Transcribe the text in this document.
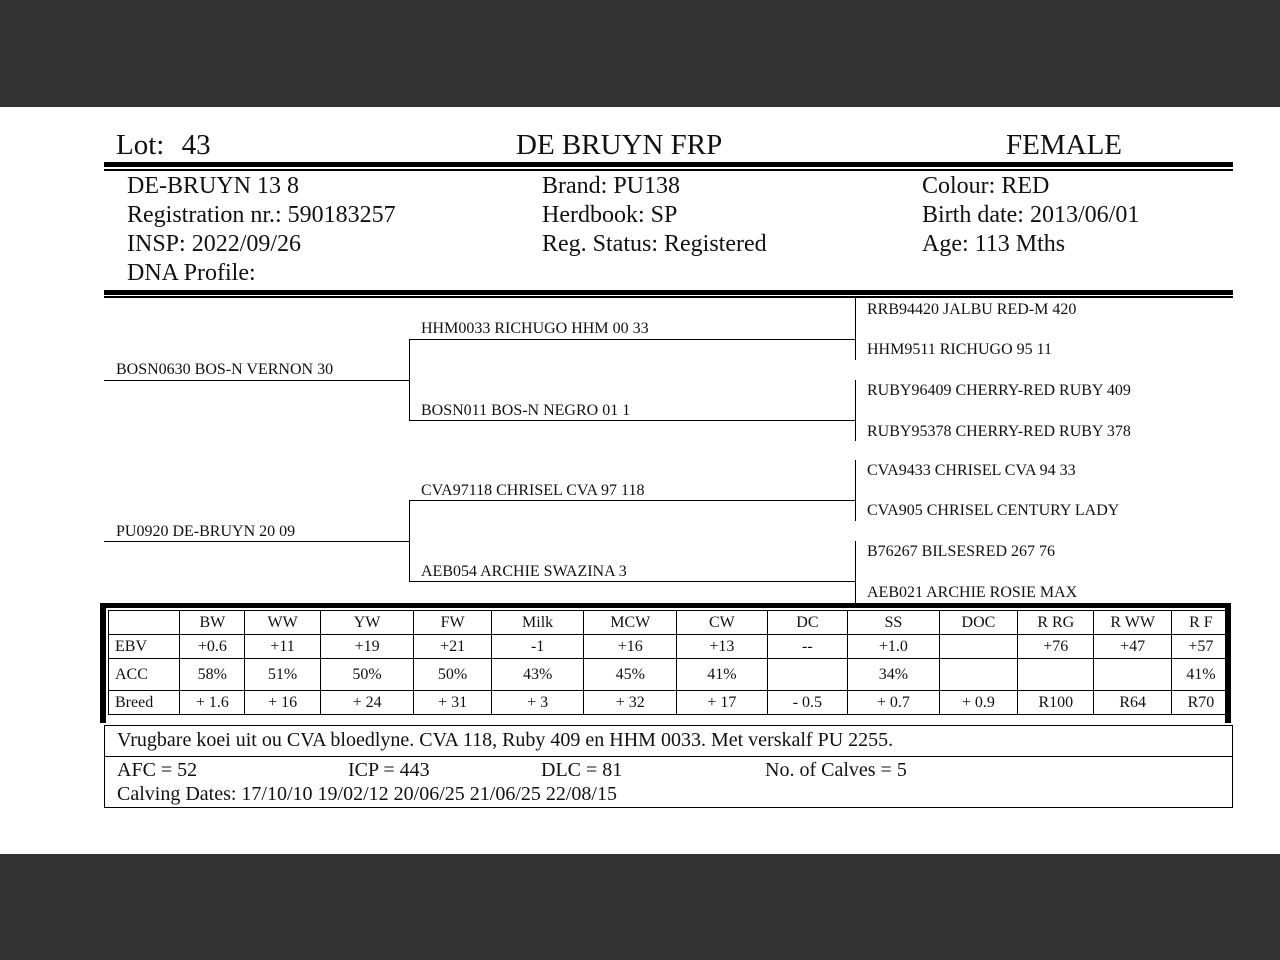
Lot: 43	DE BRUYN FRP	FEMALE
DE-BRUYN 13 8
Registration nr.: 590183257
INSP: 2022/09/26
DNA Profile:
Brand: PU138
Herdbook: SP
Reg. Status: Registered
Colour: RED
Birth date: 2013/06/01
Age: 113 Mths
BOSN0630 BOS-N VERNON 30
PU0920 DE-BRUYN 20 09
HHM0033 RICHUGO HHM 00 33
BOSN011 BOS-N NEGRO 01 1
CVA97118 CHRISEL CVA 97 118
AEB054 ARCHIE SWAZINA 3
RRB94420 JALBU RED-M 420
HHM9511 RICHUGO 95 11
RUBY96409 CHERRY-RED RUBY 409
RUBY95378 CHERRY-RED RUBY 378
CVA9433 CHRISEL CVA 94 33
CVA905 CHRISEL CENTURY LADY
B76267 BILSESRED 267 76
AEB021 ARCHIE ROSIE MAX
	BW	WW	YW	FW	Milk	MCW	CW	DC	SS	DOC	R RG	R WW	R F
EBV	+0.6	+11	+19	+21	-1	+16	+13	--	+1.0		+76	+47	+57
ACC	58%	51%	50%	50%	43%	45%	41%		34%				41%
Breed	+ 1.6	+ 16	+ 24	+ 31	+ 3	+ 32	+ 17	- 0.5	+ 0.7	+ 0.9	R100	R64	R70
Vrugbare koei uit ou CVA bloedlyne. CVA 118, Ruby 409 en HHM 0033. Met verskalf PU 2255.
AFC = 52	ICP = 443	DLC = 81	No. of Calves = 5
Calving Dates: 17/10/10 19/02/12 20/06/25 21/06/25 22/08/15
